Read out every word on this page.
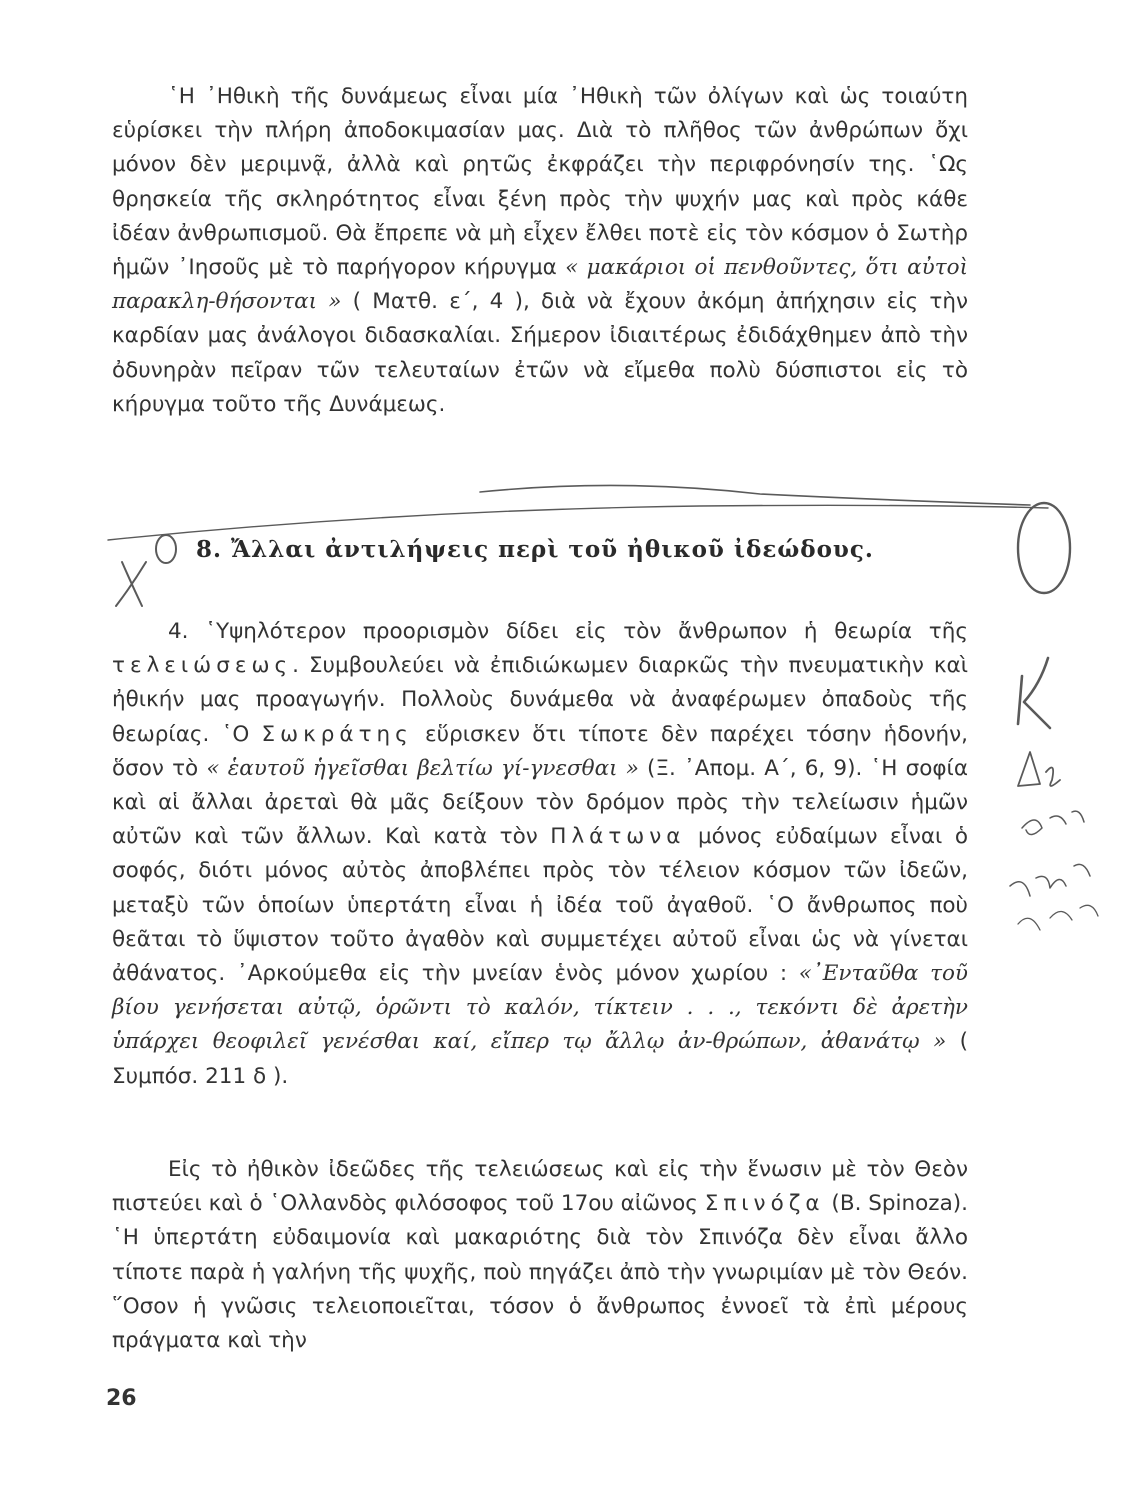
῾Η ᾽Ηθικὴ τῆς δυνάμεως εἶναι μία ᾽Ηθικὴ τῶν ὀλίγων καὶ ὡς τοιαύτη εὑρίσκει τὴν πλήρη ἀποδοκιμασίαν μας. Διὰ τὸ πλῆθος τῶν ἀνθρώπων ὄχι μόνον δὲν μεριμνᾷ, ἀλλὰ καὶ ρητῶς ἐκφράζει τὴν περιφρόνησίν της. ῾Ως θρησκεία τῆς σκληρότητος εἶναι ξένη πρὸς τὴν ψυχήν μας καὶ πρὸς κάθε ἰδέαν ἀνθρωπισμοῦ. Θὰ ἔπρεπε νὰ μὴ εἶχεν ἔλθει ποτὲ εἰς τὸν κόσμον ὁ Σωτὴρ ἡμῶν ᾽Ιησοῦς μὲ τὸ παρήγορον κήρυγμα « μακάριοι οἱ πενθοῦντες, ὅτι αὐτοὶ παρακλη-θήσονται » ( Ματθ. ε΄, 4 ), διὰ νὰ ἔχουν ἀκόμη ἀπήχησιν εἰς τὴν καρδίαν μας ἀνάλογοι διδασκαλίαι. Σήμερον ἰδιαιτέρως ἐδιδάχθημεν ἀπὸ τὴν ὀδυνηρὰν πεῖραν τῶν τελευταίων ἐτῶν νὰ εἴμεθα πολὺ δύσπιστοι εἰς τὸ κήρυγμα τοῦτο τῆς Δυνάμεως.
8. Ἄλλαι ἀντιλήψεις περὶ τοῦ ἠθικοῦ ἰδεώδους.
4. ῾Υψηλότερον προορισμὸν δίδει εἰς τὸν ἄνθρωπον ἡ θεωρία τῆς τελειώσεως. Συμβουλεύει νὰ ἐπιδιώκωμεν διαρκῶς τὴν πνευματικὴν καὶ ἠθικήν μας προαγωγήν. Πολλοὺς δυνάμεθα νὰ ἀναφέρωμεν ὀπαδοὺς τῆς θεωρίας. ῾Ο Σωκράτης εὕρισκεν ὅτι τίποτε δὲν παρέχει τόσην ἡδονήν, ὅσον τὸ « ἑαυτοῦ ἡγεῖσθαι βελτίω γί-γνεσθαι » (Ξ. ᾽Απομ. Α΄, 6, 9). ῾Η σοφία καὶ αἱ ἄλλαι ἀρεταὶ θὰ μᾶς δείξουν τὸν δρόμον πρὸς τὴν τελείωσιν ἡμῶν αὐτῶν καὶ τῶν ἄλλων. Καὶ κατὰ τὸν Πλάτωνα μόνος εὐδαίμων εἶναι ὁ σοφός, διότι μόνος αὐτὸς ἀποβλέπει πρὸς τὸν τέλειον κόσμον τῶν ἰδεῶν, μεταξὺ τῶν ὁποίων ὑπερτάτη εἶναι ἡ ἰδέα τοῦ ἀγαθοῦ. ῾Ο ἄνθρωπος ποὺ θεᾶται τὸ ὕψιστον τοῦτο ἀγαθὸν καὶ συμμετέχει αὐτοῦ εἶναι ὡς νὰ γίνεται ἀθάνατος. ᾽Αρκούμεθα εἰς τὴν μνείαν ἑνὸς μόνον χωρίου : «᾽Ενταῦθα τοῦ βίου γενήσεται αὐτῷ, ὁρῶντι τὸ καλόν, τίκτειν . . ., τεκόντι δὲ ἀρετὴν ὑπάρχει θεοφιλεῖ γενέσθαι καί, εἴπερ τῳ ἄλλῳ ἀν-θρώπων, ἀθανάτῳ » ( Συμπόσ. 211 δ ).
Εἰς τὸ ἠθικὸν ἰδεῶδες τῆς τελειώσεως καὶ εἰς τὴν ἕνωσιν μὲ τὸν Θεὸν πιστεύει καὶ ὁ ῾Ολλανδὸς φιλόσοφος τοῦ 17ου αἰῶνος Σπινόζα (B. Spinoza). ῾Η ὑπερτάτη εὐδαιμονία καὶ μακαριότης διὰ τὸν Σπινόζα δὲν εἶναι ἄλλο τίποτε παρὰ ἡ γαλήνη τῆς ψυχῆς, ποὺ πηγάζει ἀπὸ τὴν γνωριμίαν μὲ τὸν Θεόν. ῞Οσον ἡ γνῶσις τελειοποιεῖται, τόσον ὁ ἄνθρωπος ἐννοεῖ τὰ ἐπὶ μέρους πράγματα καὶ τὴν
26
